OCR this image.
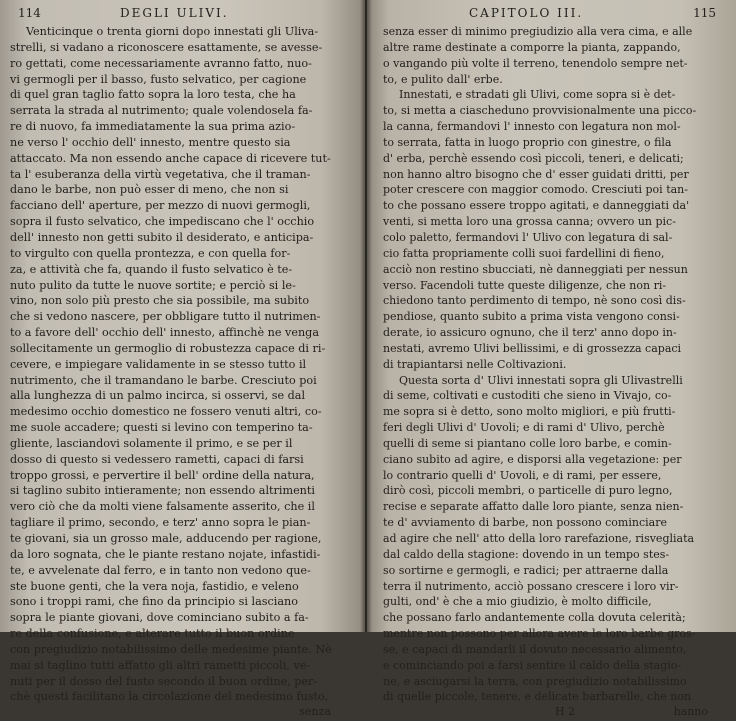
114	DEGLI ULIVI.
Venticinque o trenta giorni dopo innestati gli Uliva-
strelli, si vadano a riconoscere esattamente, se avesse-
ro gettati, come necessariamente avranno fatto, nuo-
vi germogli per il basso, fusto selvatico, per cagione
di quel gran taglio fatto sopra la loro testa, che ha
serrata la strada al nutrimento; quale volendosela fa-
re di nuovo, fa immediatamente la sua prima azio-
ne verso l' occhio dell' innesto, mentre questo sia
attaccato. Ma non essendo anche capace di ricevere tut-
ta l' esuberanza della virtù vegetativa, che il traman-
dano le barbe, non può esser di meno, che non si
facciano dell' aperture, per mezzo di nuovi germogli,
sopra il fusto selvatico, che impediscano che l' occhio
dell' innesto non getti subito il desiderato, e anticipa-
to virgulto con quella prontezza, e con quella for-
za, e attività che fa, quando il fusto selvatico è te-
nuto pulito da tutte le nuove sortite; e perciò si le-
vino, non solo più presto che sia possibile, ma subito
che si vedono nascere, per obbligare tutto il nutrimen-
to a favore dell' occhio dell' innesto, affinchè ne venga
sollecitamente un germoglio di robustezza capace di ri-
cevere, e impiegare validamente in se stesso tutto il
nutrimento, che il tramandano le barbe. Cresciuto poi
alla lunghezza di un palmo incirca, si osservi, se dal
medesimo occhio domestico ne fossero venuti altri, co-
me suole accadere; questi si levino con temperino ta-
gliente, lasciandovi solamente il primo, e se per il
dosso di questo si vedessero rametti, capaci di farsi
troppo grossi, e pervertire il bell' ordine della natura,
si taglino subito intieramente; non essendo altrimenti
vero ciò che da molti viene falsamente asserito, che il
tagliare il primo, secondo, e terz' anno sopra le pian-
te giovani, sia un grosso male, adducendo per ragione,
da loro sognata, che le piante restano nojate, infastidi-
te, e avvelenate dal ferro, e in tanto non vedono que-
ste buone genti, che la vera noja, fastidio, e veleno
sono i troppi rami, che fino da principio si lasciano
sopra le piante giovani, dove cominciano subito a fa-
re della confusione, e alterare tutto il buon ordine
con pregiudizio notabilissimo delle medesime piante. Nè
mai si taglino tutti affatto gli altri rametti piccoli, ve-
nuti per il dosso del fusto secondo il buon ordine, per-
chè questi facilitano la circolazione del medesimo fusto,
senza
CAPITOLO III.	115
senza esser di minimo pregiudizio alla vera cima, e alle
altre rame destinate a comporre la pianta, zappando,
o vangando più volte il terreno, tenendolo sempre net-
to, e pulito dall' erbe.
Innestati, e stradati gli Ulivi, come sopra si è det-
to, si metta a ciascheduno provvisionalmente una picco-
la canna, fermandovi l' innesto con legatura non mol-
to serrata, fatta in luogo proprio con ginestre, o fila
d' erba, perchè essendo così piccoli, teneri, e delicati;
non hanno altro bisogno che d' esser guidati dritti, per
poter crescere con maggior comodo. Cresciuti poi tan-
to che possano essere troppo agitati, e danneggiati da'
venti, si metta loro una grossa canna; ovvero un pic-
colo paletto, fermandovi l' Ulivo con legatura di sal-
cio fatta propriamente colli suoi fardellini di fieno,
acciò non restino sbucciati, nè danneggiati per nessun
verso. Facendoli tutte queste diligenze, che non ri-
chiedono tanto perdimento di tempo, nè sono così dis-
pendiose, quanto subito a prima vista vengono consi-
derate, io assicuro ognuno, che il terz' anno dopo in-
nestati, avremo Ulivi bellissimi, e di grossezza capaci
di trapiantarsi nelle Coltivazioni.
Questa sorta d' Ulivi innestati sopra gli Ulivastrelli
di seme, coltivati e custoditi che sieno in Vivajo, co-
me sopra si è detto, sono molto migliori, e più frutti-
feri degli Ulivi d' Uovoli; e di rami d' Ulivo, perchè
quelli di seme si piantano colle loro barbe, e comin-
ciano subito ad agire, e disporsi alla vegetazione: per
lo contrario quelli d' Uovoli, e di rami, per essere,
dirò così, piccoli membri, o particelle di puro legno,
recise e separate affatto dalle loro piante, senza nien-
te d' avviamento di barbe, non possono cominciare
ad agire che nell' atto della loro rarefazione, risvegliata
dal caldo della stagione: dovendo in un tempo stes-
so sortirne e germogli, e radici; per attraerne dalla
terra il nutrimento, acciò possano crescere i loro vir-
gulti, ond' è che a mio giudizio, è molto difficile,
che possano farlo andantemente colla dovuta celerità;
mentre non possono per allora avere le loro barbe gros-
se, e capaci di mandarli il dovuto necessario alimento,
e cominciando poi a farsi sentire il caldo della stagio-
ne, e asciugarsi la terra, con pregiudizio notabilissimo
di quelle piccole, tenere, e delicate barbarelle, che non
H 2	hanno
